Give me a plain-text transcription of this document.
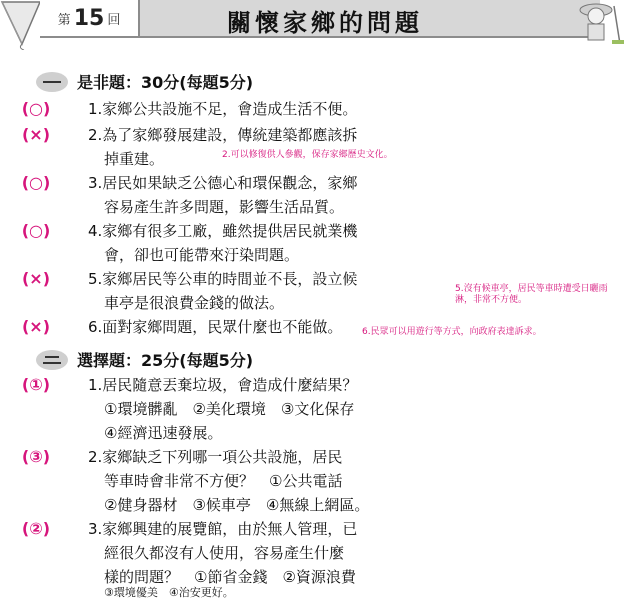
第 15 回	關懷家鄉的問題
是非題：30分(每題5分)
(○)	1.家鄉公共設施不足，會造成生活不便。
(×)	2.為了家鄉發展建設，傳統建築都應該拆
掉重建。	2.可以修復供人參觀，保存家鄉歷史文化。
(○)	3.居民如果缺乏公德心和環保觀念，家鄉
容易產生許多問題，影響生活品質。
(○)	4.家鄉有很多工廠，雖然提供居民就業機
會，卻也可能帶來汙染問題。
(×)	5.家鄉居民等公車的時間並不長，設立候
車亭是很浪費金錢的做法。
5.沒有候車亭，居民等車時遭受日曬雨淋，非常不方便。
(×)	6.面對家鄉問題，民眾什麼也不能做。	6.民眾可以用遊行等方式，向政府表達訴求。
選擇題：25分(每題5分)
(①)	1.居民隨意丟棄垃圾，會造成什麼結果？
①環境髒亂　②美化環境　③文化保存
④經濟迅速發展。
(③)	2.家鄉缺乏下列哪一項公共設施，居民
等車時會非常不方便？　①公共電話
②健身器材　③候車亭　④無線上網區。
(②)	3.家鄉興建的展覽館，由於無人管理，已
經很久都沒有人使用，容易產生什麼
樣的問題？　①節省金錢　②資源浪費
③環境優美　④治安更好。
